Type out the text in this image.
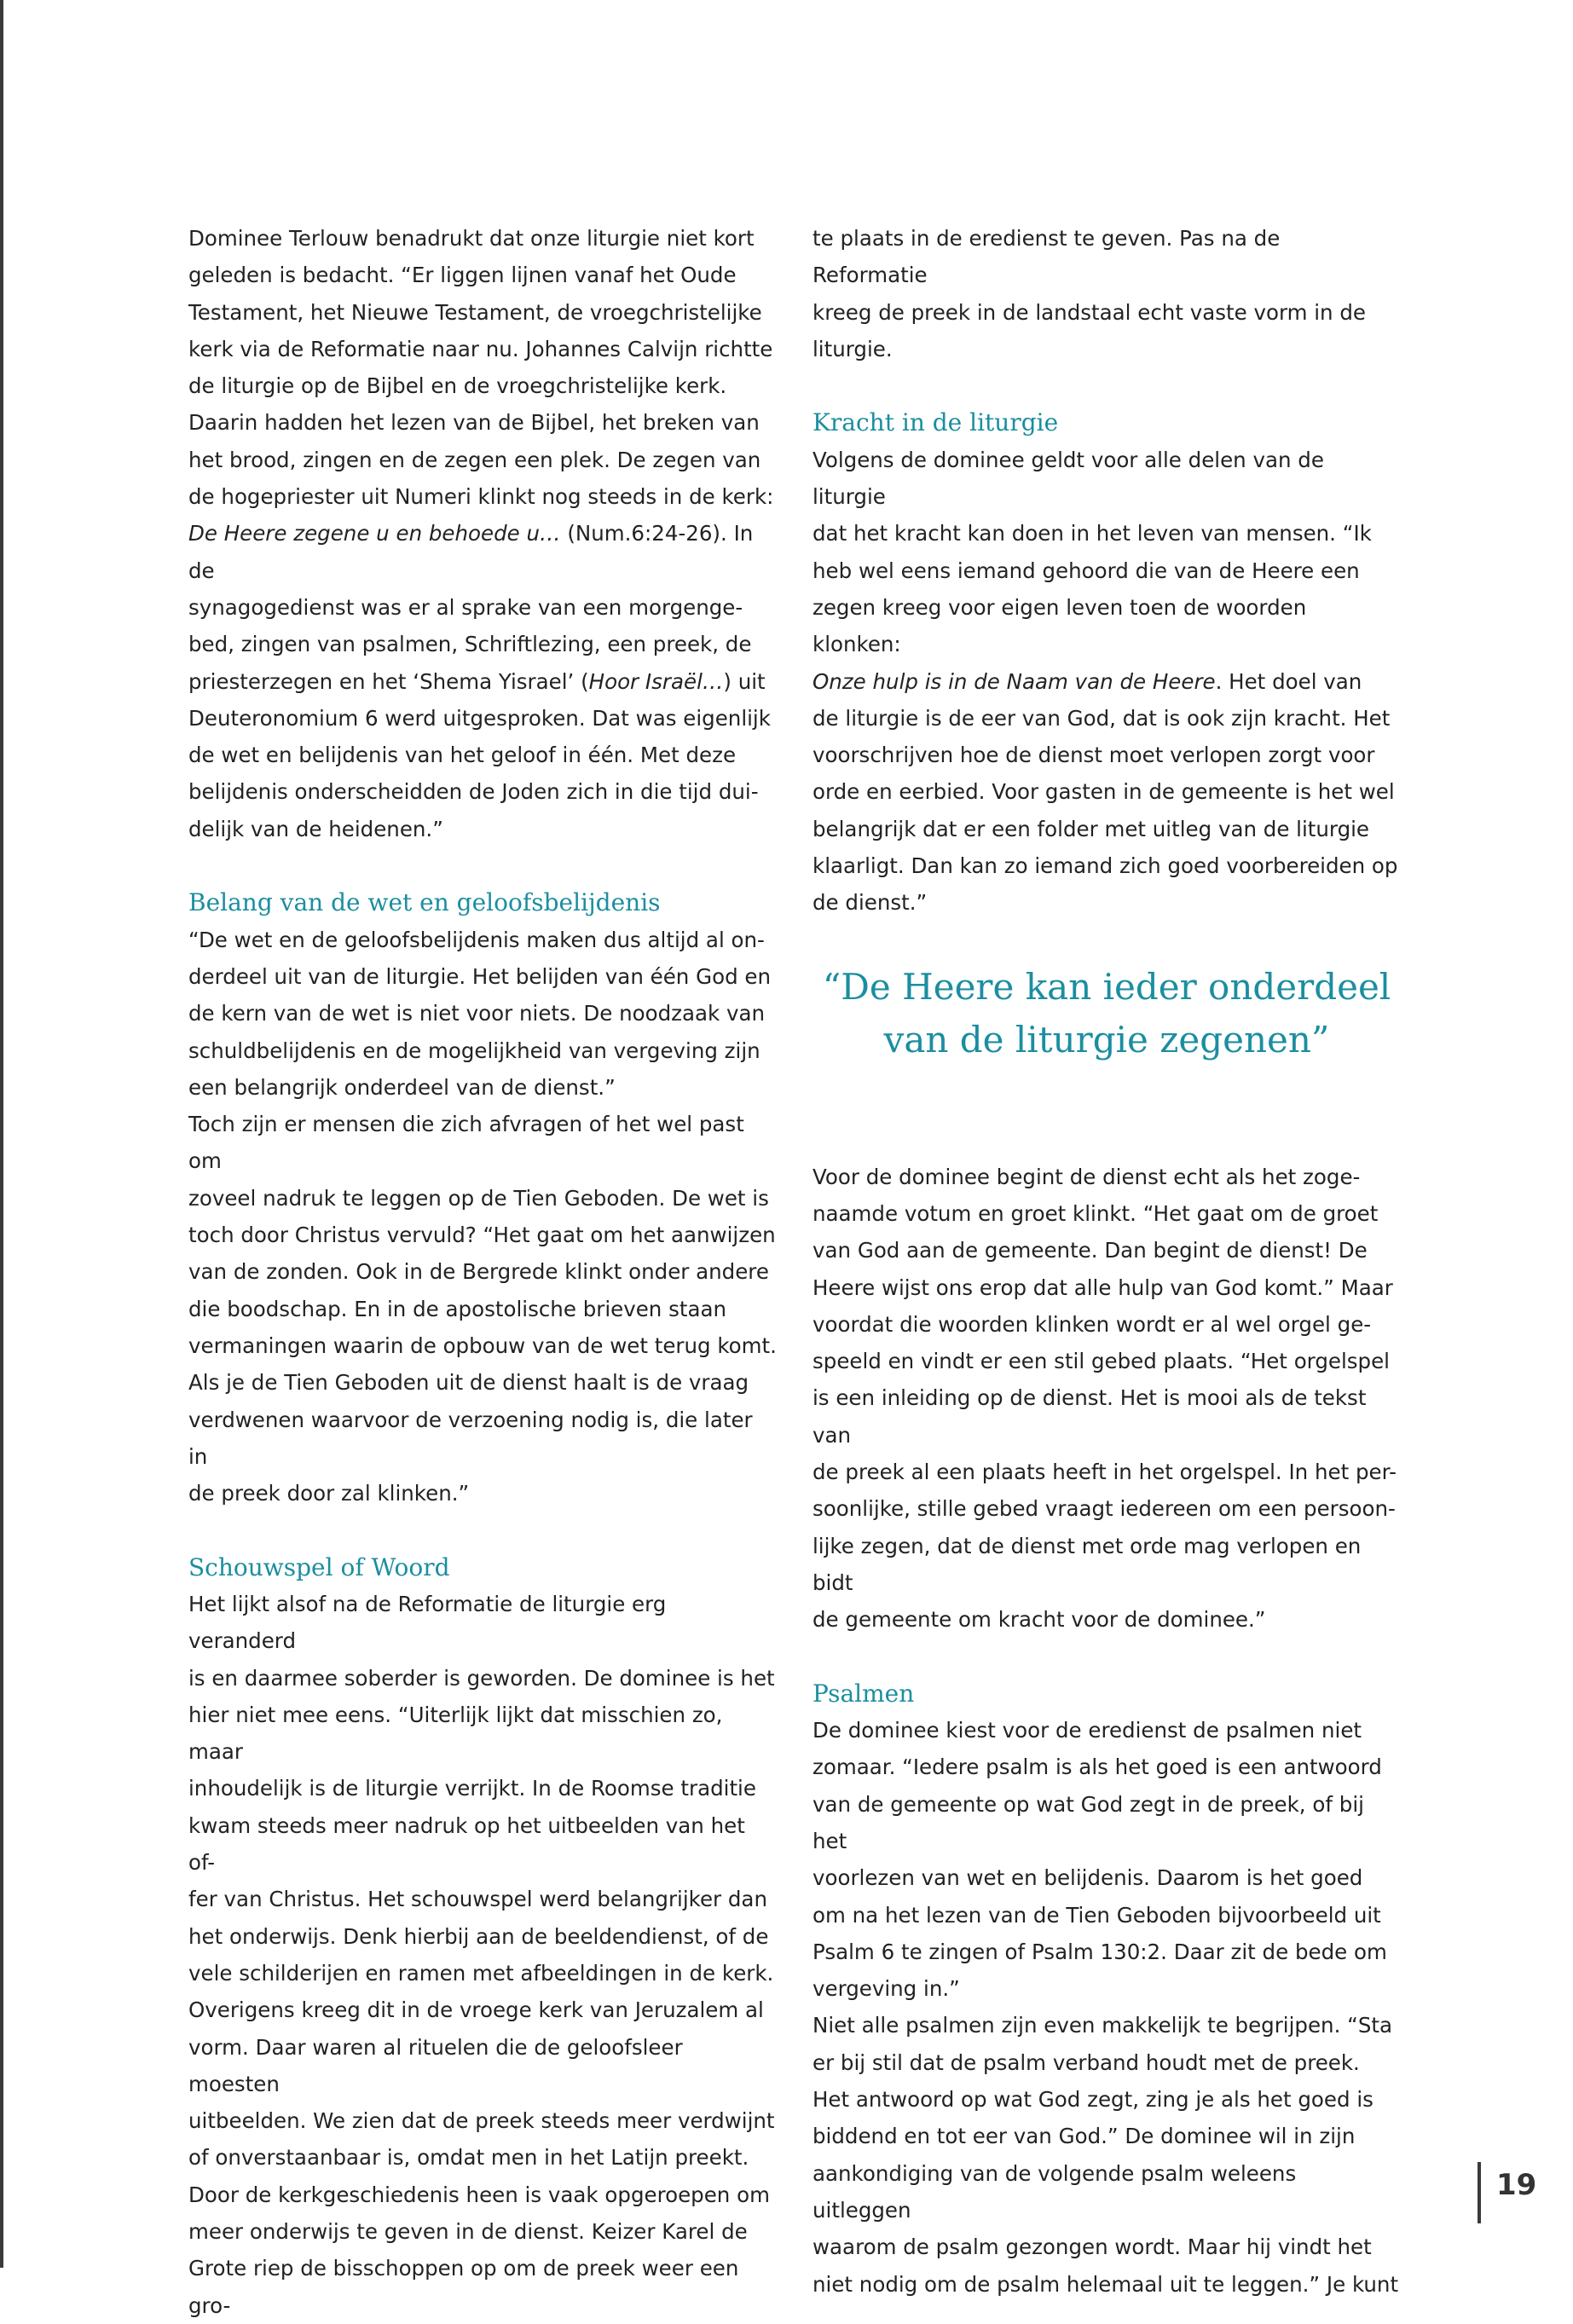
Dominee Terlouw benadrukt dat onze liturgie niet kort

geleden is bedacht. “Er liggen lijnen vanaf het Oude

Testament, het Nieuwe Testament, de vroegchristelijke

kerk via de Reformatie naar nu. Johannes Calvijn richtte

de liturgie op de Bijbel en de vroegchristelijke kerk.

Daarin hadden het lezen van de Bijbel, het breken van

het brood, zingen en de zegen een plek. De zegen van

de hogepriester uit Numeri klinkt nog steeds in de kerk:

De Heere zegene u en behoede u… (Num.6:24-26). In de

synagogedienst was er al sprake van een morgenge-

bed, zingen van psalmen, Schriftlezing, een preek, de

priesterzegen en het ‘Shema Yisrael’ (Hoor Israël…) uit

Deuteronomium 6 werd uitgesproken. Dat was eigenlijk

de wet en belijdenis van het geloof in één. Met deze

belijdenis onderscheidden de Joden zich in die tijd dui-

delijk van de heidenen.”

Belang van de wet en geloofsbelijdenis

“De wet en de geloofsbelijdenis maken dus altijd al on-

derdeel uit van de liturgie. Het belijden van één God en

de kern van de wet is niet voor niets. De noodzaak van

schuldbelijdenis en de mogelijkheid van vergeving zijn

een belangrijk onderdeel van de dienst.”

Toch zijn er mensen die zich afvragen of het wel past om

zoveel nadruk te leggen op de Tien Geboden. De wet is

toch door Christus vervuld? “Het gaat om het aanwijzen

van de zonden. Ook in de Bergrede klinkt onder andere

die boodschap. En in de apostolische brieven staan

vermaningen waarin de opbouw van de wet terug komt.

Als je de Tien Geboden uit de dienst haalt is de vraag

verdwenen waarvoor de verzoening nodig is, die later in

de preek door zal klinken.”

Schouwspel of Woord

Het lijkt alsof na de Reformatie de liturgie erg veranderd

is en daarmee soberder is geworden. De dominee is het

hier niet mee eens. “Uiterlijk lijkt dat misschien zo, maar

inhoudelijk is de liturgie verrijkt. In de Roomse traditie

kwam steeds meer nadruk op het uitbeelden van het of-

fer van Christus. Het schouwspel werd belangrijker dan

het onderwijs. Denk hierbij aan de beeldendienst, of de

vele schilderijen en ramen met afbeeldingen in de kerk.

Overigens kreeg dit in de vroege kerk van Jeruzalem al

vorm. Daar waren al rituelen die de geloofsleer moesten

uitbeelden. We zien dat de preek steeds meer verdwijnt

of onverstaanbaar is, omdat men in het Latijn preekt.

Door de kerkgeschiedenis heen is vaak opgeroepen om

meer onderwijs te geven in de dienst. Keizer Karel de

Grote riep de bisschoppen op om de preek weer een gro-

te plaats in de eredienst te geven. Pas na de Reformatie

kreeg de preek in de landstaal echt vaste vorm in de

liturgie.

Kracht in de liturgie

Volgens de dominee geldt voor alle delen van de liturgie

dat het kracht kan doen in het leven van mensen. “Ik

heb wel eens iemand gehoord die van de Heere een

zegen kreeg voor eigen leven toen de woorden klonken:

Onze hulp is in de Naam van de Heere. Het doel van

de liturgie is de eer van God, dat is ook zijn kracht. Het

voorschrijven hoe de dienst moet verlopen zorgt voor

orde en eerbied. Voor gasten in de gemeente is het wel

belangrijk dat er een folder met uitleg van de liturgie

klaarligt. Dan kan zo iemand zich goed voorbereiden op

de dienst.”

“De Heere kan ieder onderdeel

van de liturgie zegenen”

Voor de dominee begint de dienst echt als het zoge-

naamde votum en groet klinkt. “Het gaat om de groet

van God aan de gemeente. Dan begint de dienst! De

Heere wijst ons erop dat alle hulp van God komt.” Maar

voordat die woorden klinken wordt er al wel orgel ge-

speeld en vindt er een stil gebed plaats. “Het orgelspel

is een inleiding op de dienst. Het is mooi als de tekst van

de preek al een plaats heeft in het orgelspel. In het per-

soonlijke, stille gebed vraagt iedereen om een persoon-

lijke zegen, dat de dienst met orde mag verlopen en bidt

de gemeente om kracht voor de dominee.”

Psalmen

De dominee kiest voor de eredienst de psalmen niet

zomaar. “Iedere psalm is als het goed is een antwoord

van de gemeente op wat God zegt in de preek, of bij het

voorlezen van wet en belijdenis. Daarom is het goed

om na het lezen van de Tien Geboden bijvoorbeeld uit

Psalm 6 te zingen of Psalm 130:2. Daar zit de bede om

vergeving in.”

Niet alle psalmen zijn even makkelijk te begrijpen. “Sta

er bij stil dat de psalm verband houdt met de preek.

Het antwoord op wat God zegt, zing je als het goed is

biddend en tot eer van God.” De dominee wil in zijn

aankondiging van de volgende psalm weleens uitleggen

waarom de psalm gezongen wordt. Maar hij vindt het

niet nodig om de psalm helemaal uit te leggen.” Je kunt

19
